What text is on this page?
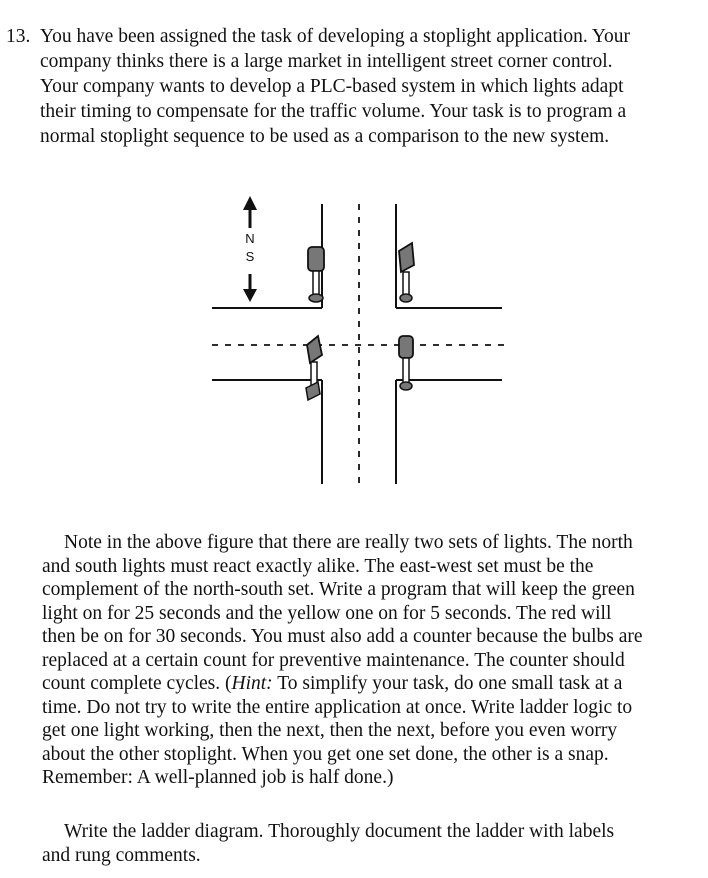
13. You have been assigned the task of developing a stoplight application. Your
company thinks there is a large market in intelligent street corner control.
Your company wants to develop a PLC-based system in which lights adapt
their timing to compensate for the traffic volume. Your task is to program a
normal stoplight sequence to be used as a comparison to the new system.
N
S
Note in the above figure that there are really two sets of lights. The north
and south lights must react exactly alike. The east-west set must be the
complement of the north-south set. Write a program that will keep the green
light on for 25 seconds and the yellow one on for 5 seconds. The red will
then be on for 30 seconds. You must also add a counter because the bulbs are
replaced at a certain count for preventive maintenance. The counter should
count complete cycles. (Hint: To simplify your task, do one small task at a
time. Do not try to write the entire application at once. Write ladder logic to
get one light working, then the next, then the next, before you even worry
about the other stoplight. When you get one set done, the other is a snap.
Remember: A well-planned job is half done.)
Write the ladder diagram. Thoroughly document the ladder with labels
and rung comments.
